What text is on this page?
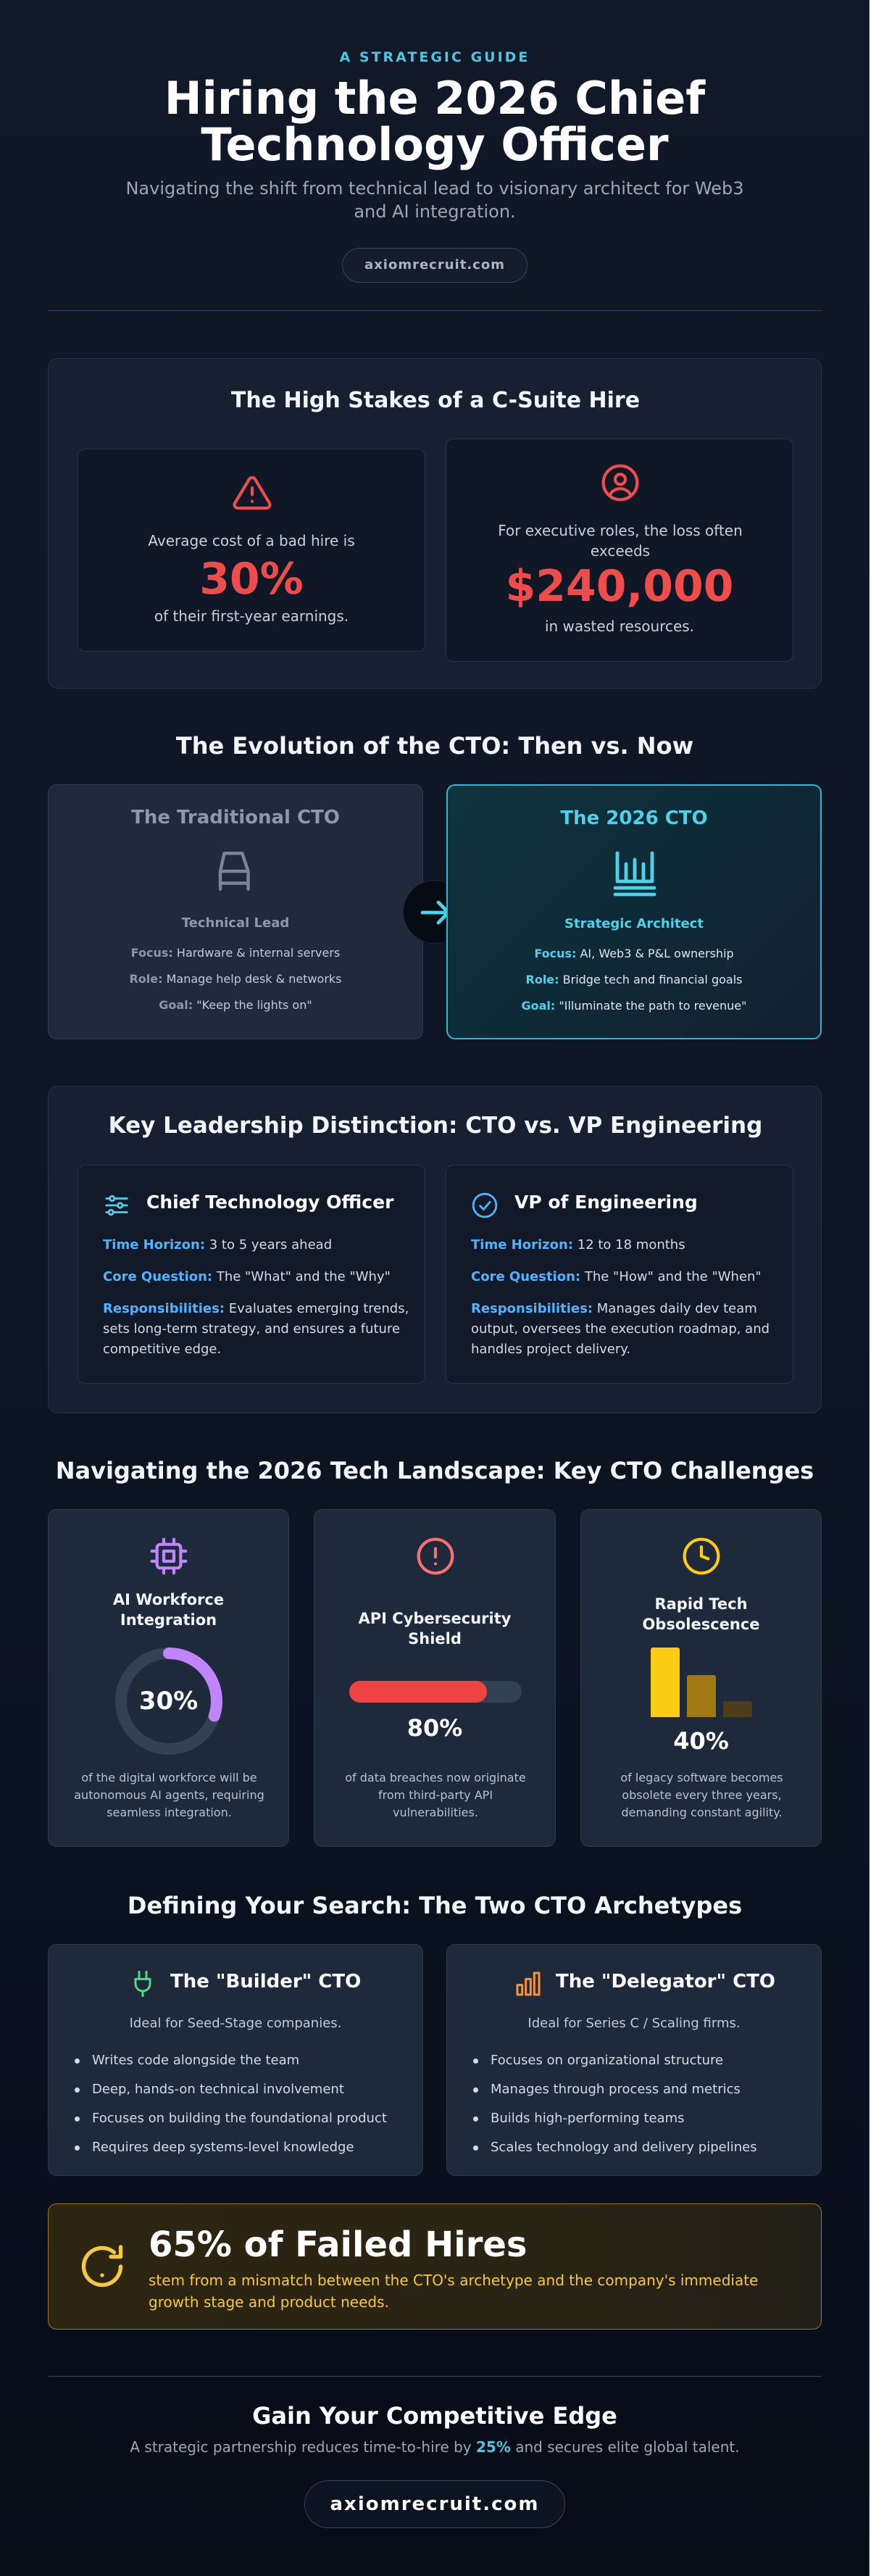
A STRATEGIC GUIDE
Hiring the 2026 Chief
Technology Officer
Navigating the shift from technical lead to visionary architect for Web3 and AI integration.
axiomrecruit.com
The High Stakes of a C-Suite Hire
Average cost of a bad hire is
30%
of their first-year earnings.
For executive roles, the loss often exceeds
$240,000
in wasted resources.
The Evolution of the CTO: Then vs. Now
The Traditional CTO
Technical Lead
Focus: Hardware & internal servers
Role: Manage help desk & networks
Goal: "Keep the lights on"
The 2026 CTO
Strategic Architect
Focus: AI, Web3 & P&L ownership
Role: Bridge tech and financial goals
Goal: "Illuminate the path to revenue"
Key Leadership Distinction: CTO vs. VP Engineering
Chief Technology Officer
Time Horizon: 3 to 5 years ahead
Core Question: The "What" and the "Why"
Responsibilities: Evaluates emerging trends, sets long-term strategy, and ensures a future competitive edge.
VP of Engineering
Time Horizon: 12 to 18 months
Core Question: The "How" and the "When"
Responsibilities: Manages daily dev team output, oversees the execution roadmap, and handles project delivery.
Navigating the 2026 Tech Landscape: Key CTO Challenges
AI Workforce
Integration
30%
of the digital workforce will be autonomous AI agents, requiring seamless integration.
API Cybersecurity
Shield
80%
of data breaches now originate from third-party API vulnerabilities.
Rapid Tech
Obsolescence
40%
of legacy software becomes obsolete every three years, demanding constant agility.
Defining Your Search: The Two CTO Archetypes
The "Builder" CTO
Ideal for Seed-Stage companies.
Writes code alongside the team
Deep, hands-on technical involvement
Focuses on building the foundational product
Requires deep systems-level knowledge
The "Delegator" CTO
Ideal for Series C / Scaling firms.
Focuses on organizational structure
Manages through process and metrics
Builds high-performing teams
Scales technology and delivery pipelines
65% of Failed Hires
stem from a mismatch between the CTO's archetype and the company's immediate growth stage and product needs.
Gain Your Competitive Edge
A strategic partnership reduces time-to-hire by 25% and secures elite global talent.
axiomrecruit.com
